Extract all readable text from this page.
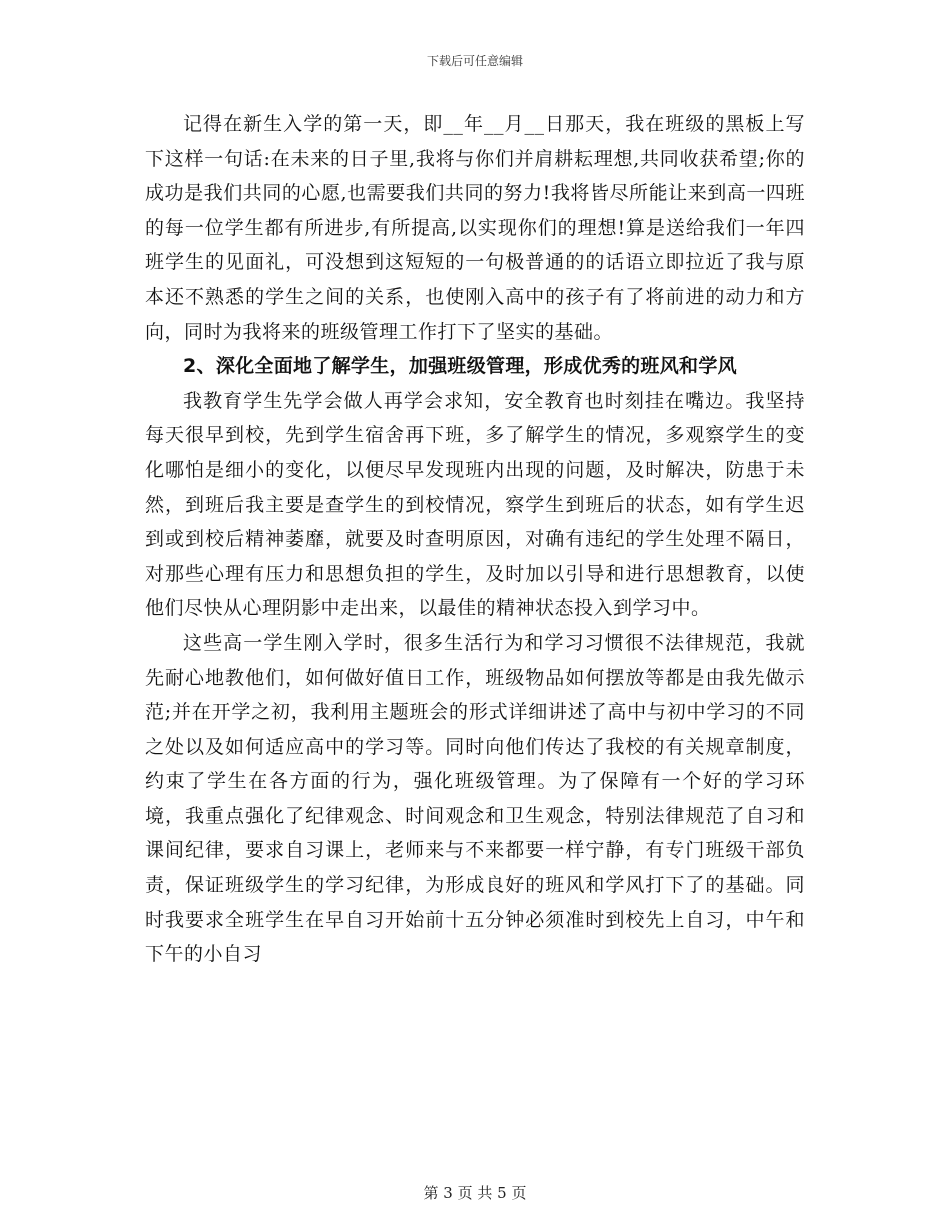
下载后可任意编辑

记得在新生入学的第一天，即__年__月__日那天，我在班级的黑板上写下这样一句话:在未来的日子里,我将与你们并肩耕耘理想,共同收获希望;你的成功是我们共同的心愿,也需要我们共同的努力!我将皆尽所能让来到高一四班的每一位学生都有所进步,有所提高,以实现你们的理想!算是送给我们一年四班学生的见面礼，可没想到这短短的一句极普通的的话语立即拉近了我与原本还不熟悉的学生之间的关系，也使刚入高中的孩子有了将前进的动力和方向，同时为我将来的班级管理工作打下了坚实的基础。

2、深化全面地了解学生，加强班级管理，形成优秀的班风和学风

我教育学生先学会做人再学会求知，安全教育也时刻挂在嘴边。我坚持每天很早到校，先到学生宿舍再下班，多了解学生的情况，多观察学生的变化哪怕是细小的变化，以便尽早发现班内出现的问题，及时解决，防患于未然，到班后我主要是查学生的到校情况，察学生到班后的状态，如有学生迟到或到校后精神萎靡，就要及时查明原因，对确有违纪的学生处理不隔日，对那些心理有压力和思想负担的学生，及时加以引导和进行思想教育，以使他们尽快从心理阴影中走出来，以最佳的精神状态投入到学习中。

这些高一学生刚入学时，很多生活行为和学习习惯很不法律规范，我就先耐心地教他们，如何做好值日工作，班级物品如何摆放等都是由我先做示范;并在开学之初，我利用主题班会的形式详细讲述了高中与初中学习的不同之处以及如何适应高中的学习等。同时向他们传达了我校的有关规章制度，约束了学生在各方面的行为，强化班级管理。为了保障有一个好的学习环境，我重点强化了纪律观念、时间观念和卫生观念，特别法律规范了自习和课间纪律，要求自习课上，老师来与不来都要一样宁静，有专门班级干部负责，保证班级学生的学习纪律，为形成良好的班风和学风打下了的基础。同时我要求全班学生在早自习开始前十五分钟必须准时到校先上自习，中午和下午的小自习

第 3 页 共 5 页
